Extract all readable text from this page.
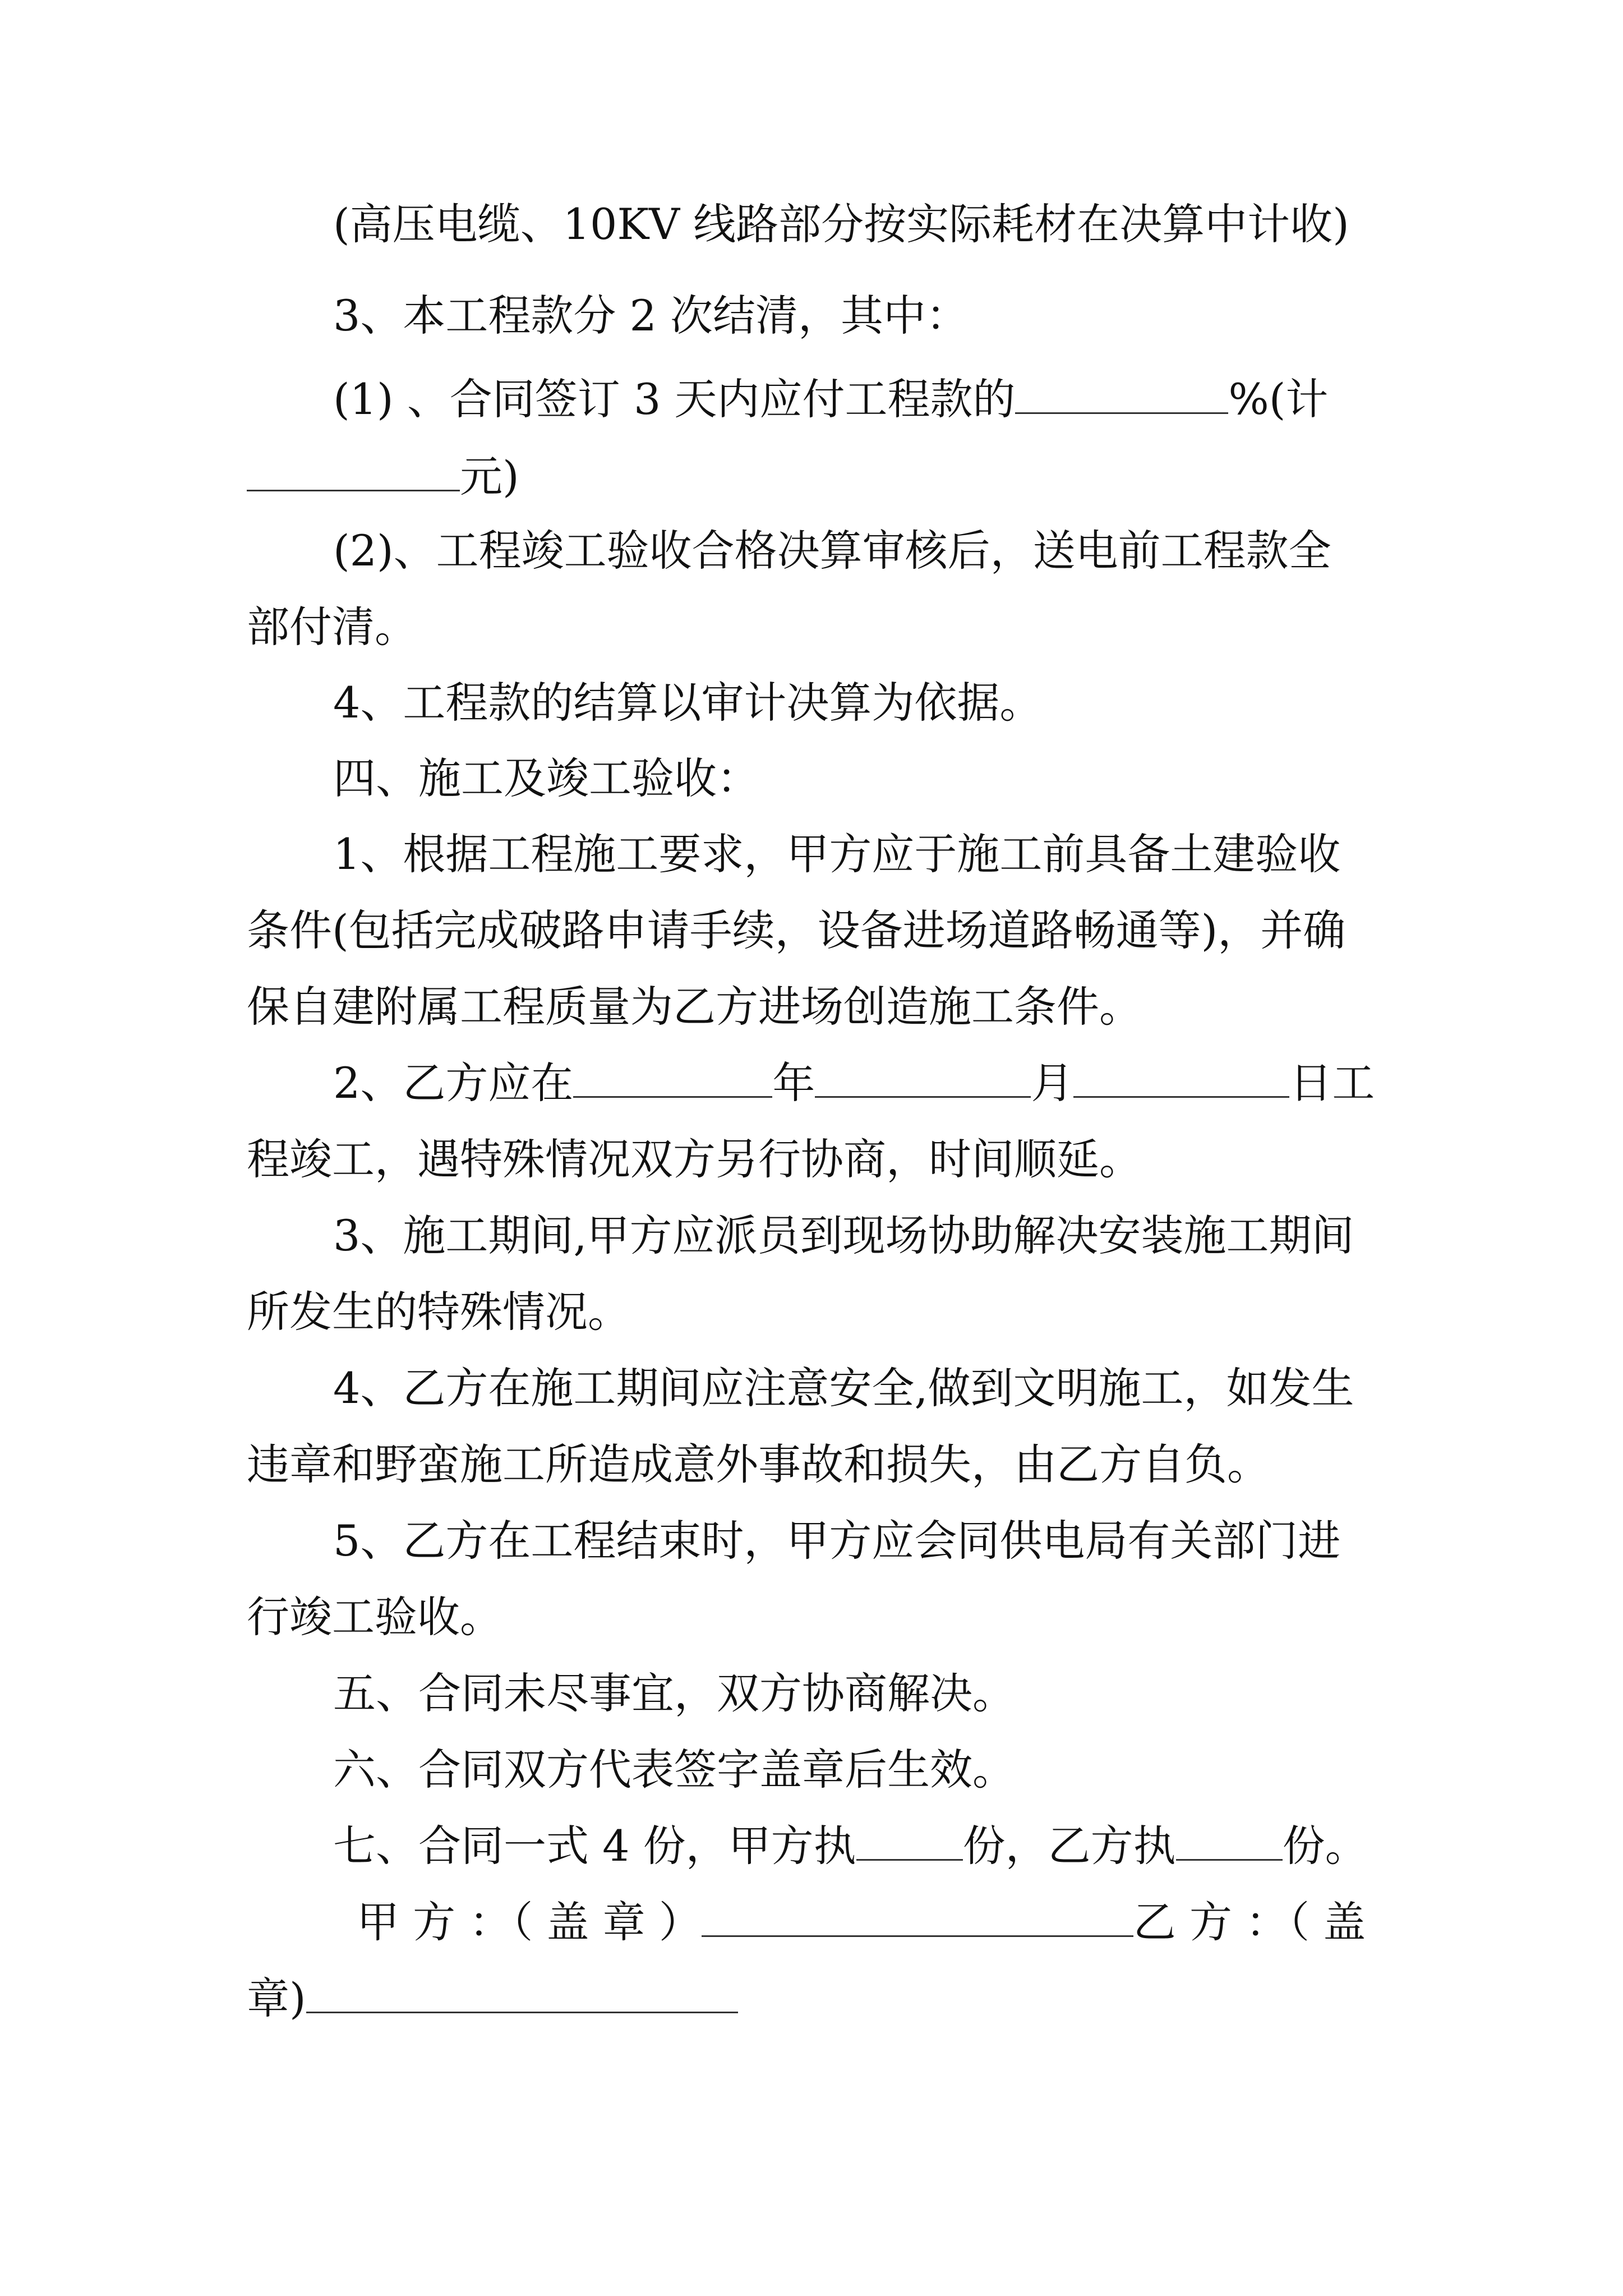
(高压电缆、10KV 线路部分按实际耗材在决算中计收)
3、本工程款分 2 次结清，其中：
(1) 、合同签订 3 天内应付工程款的	%(计
元)
(2)、工程竣工验收合格决算审核后，送电前工程款全
部付清。
4、工程款的结算以审计决算为依据。
四、施工及竣工验收：
1、根据工程施工要求，甲方应于施工前具备土建验收
条件(包括完成破路申请手续，设备进场道路畅通等)，并确
保自建附属工程质量为乙方进场创造施工条件。
2、乙方应在	年	月	日工
程竣工，遇特殊情况双方另行协商，时间顺延。
3、施工期间,甲方应派员到现场协助解决安装施工期间
所发生的特殊情况。
4、乙方在施工期间应注意安全,做到文明施工，如发生
违章和野蛮施工所造成意外事故和损失，由乙方自负。
5、乙方在工程结束时，甲方应会同供电局有关部门进
行竣工验收。
五、合同未尽事宜，双方协商解决。
六、合同双方代表签字盖章后生效。
七、合同一式 4 份，甲方执	份，乙方执	份。
甲 方 ：（ 盖 章 ）	乙 方 ：（ 盖
章)
